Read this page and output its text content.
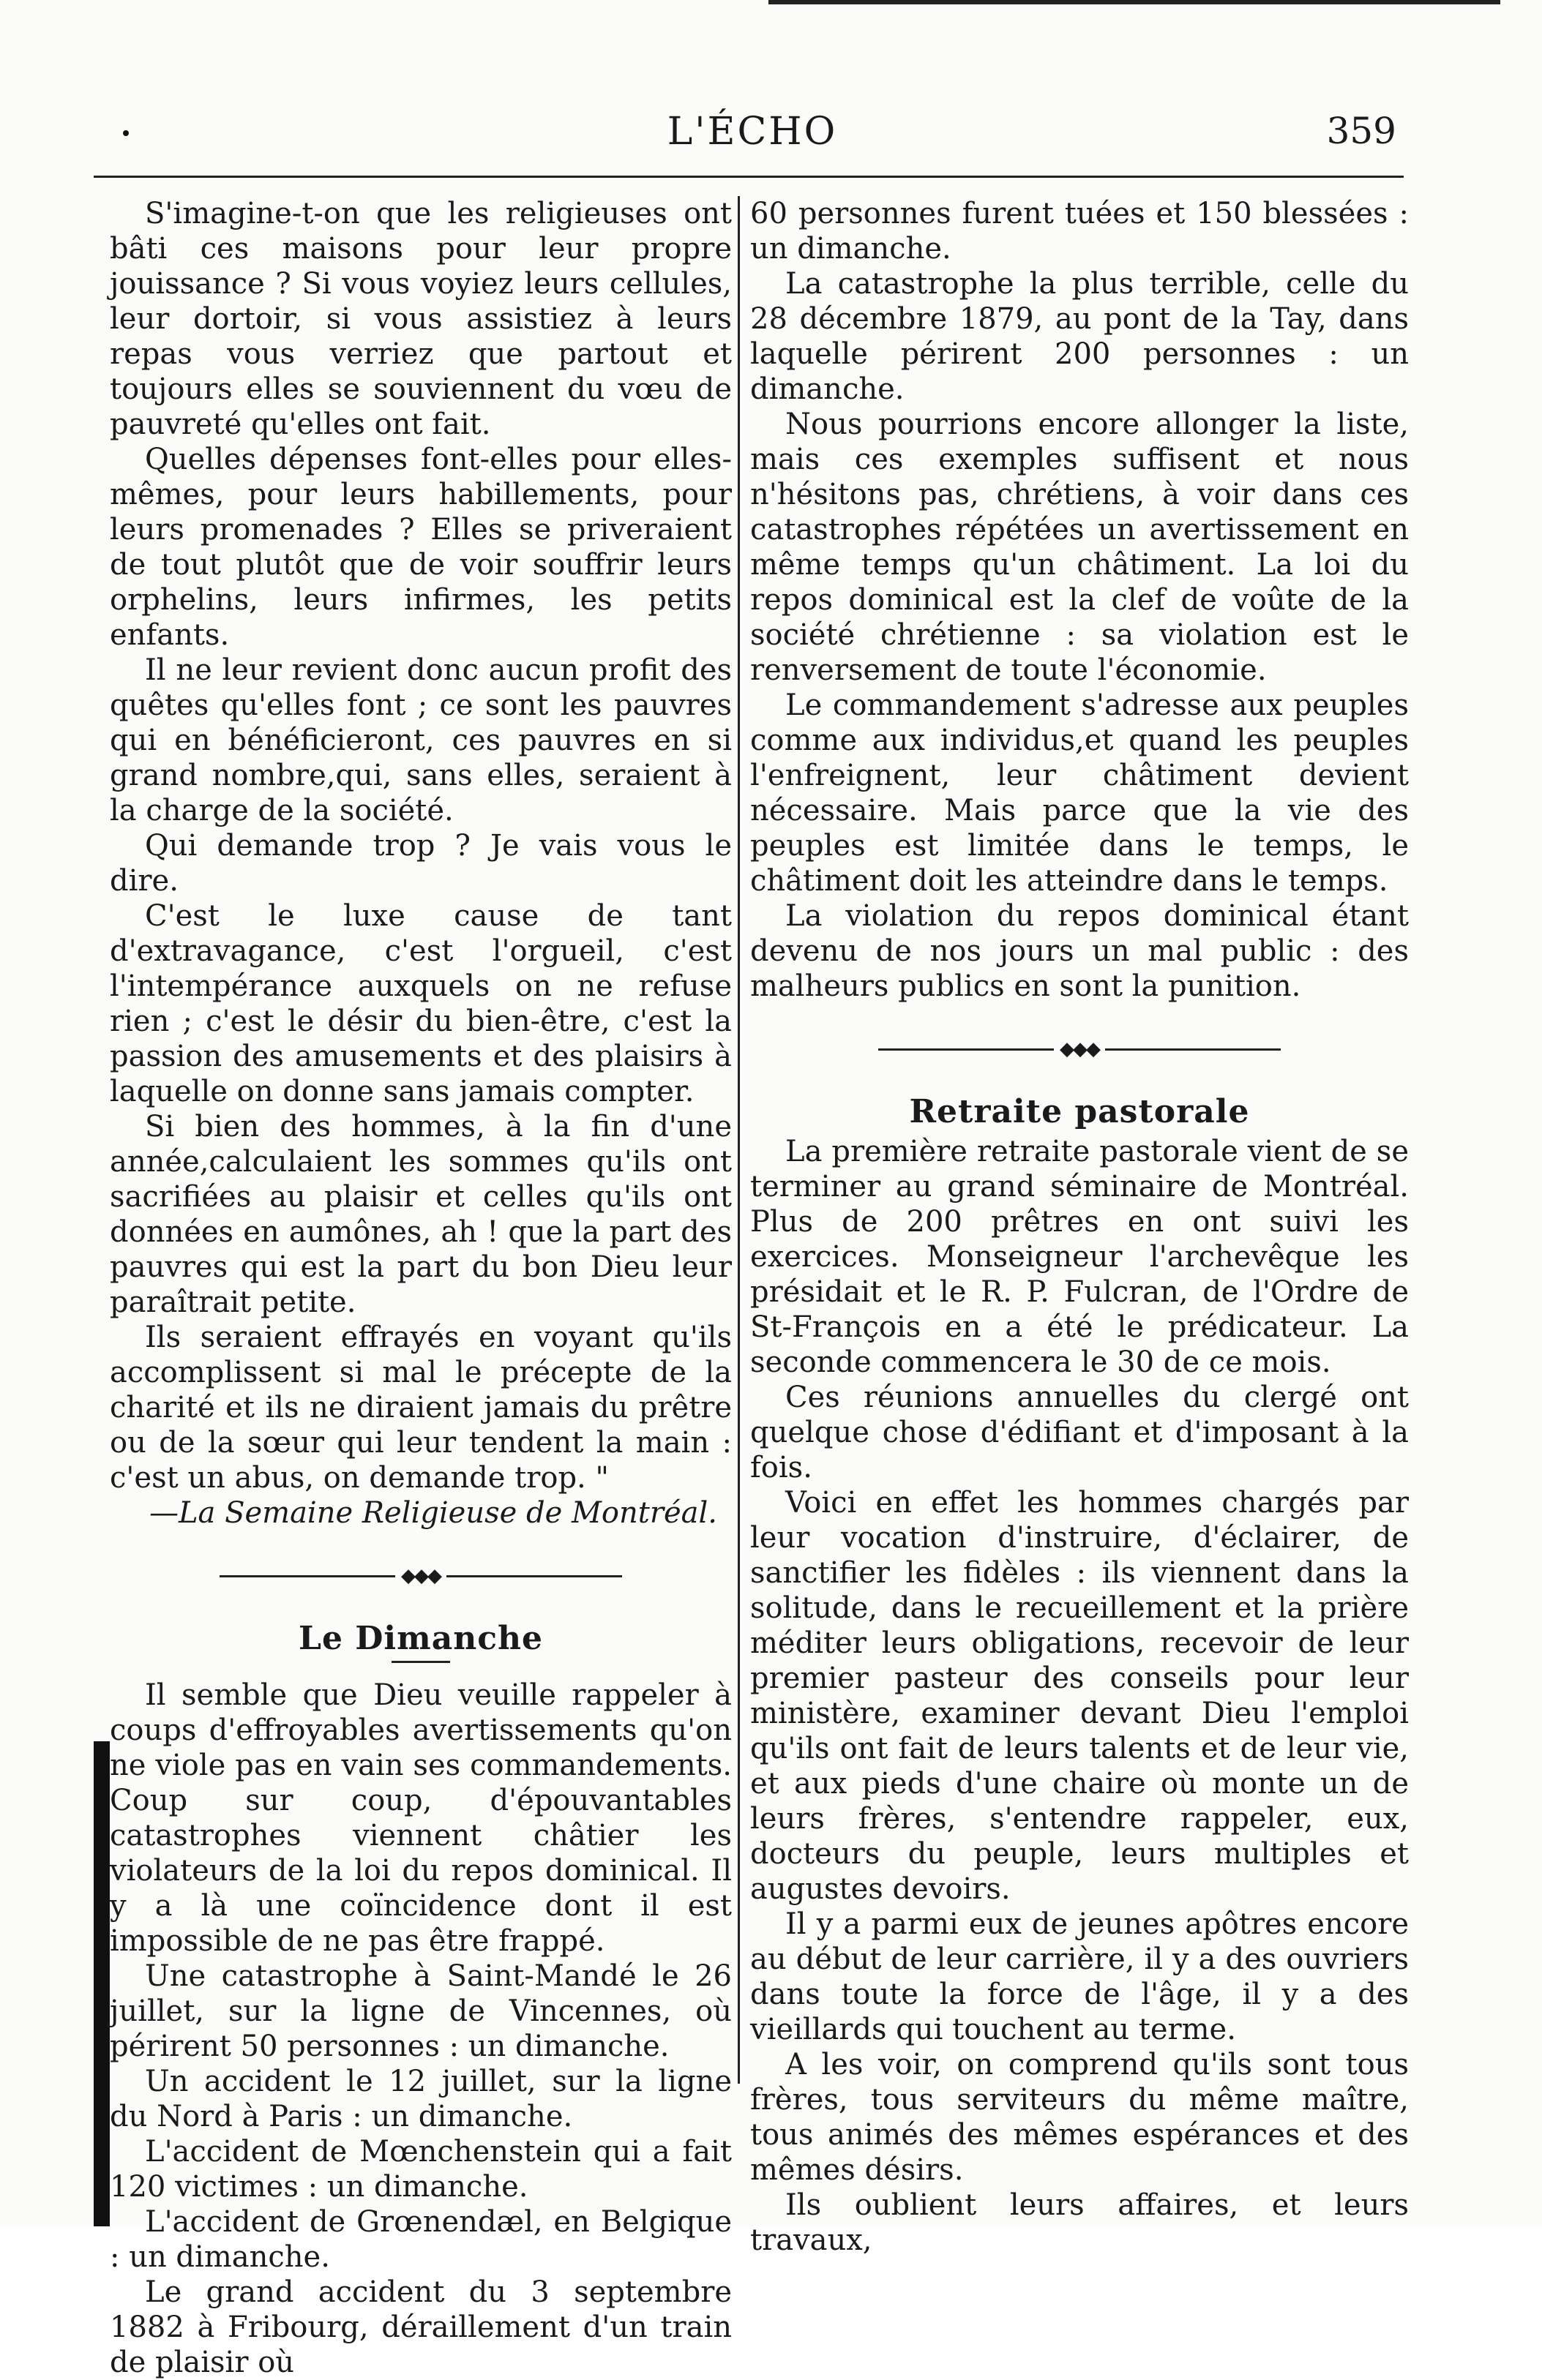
L'ÉCHO	359

S'imagine-t-on que les religieuses ont bâti ces maisons pour leur propre jouissance ? Si vous voyiez leurs cellules, leur dortoir, si vous assistiez à leurs repas vous verriez que partout et toujours elles se souviennent du vœu de pauvreté qu'elles ont fait.

Quelles dépenses font-elles pour elles-mêmes, pour leurs habillements, pour leurs promenades ? Elles se priveraient de tout plutôt que de voir souffrir leurs orphelins, leurs infirmes, les petits enfants.

Il ne leur revient donc aucun profit des quêtes qu'elles font ; ce sont les pauvres qui en bénéficieront, ces pauvres en si grand nombre,qui, sans elles, seraient à la charge de la société.

Qui demande trop ? Je vais vous le dire.

C'est le luxe cause de tant d'extravagance, c'est l'orgueil, c'est l'intempérance auxquels on ne refuse rien ; c'est le désir du bien-être, c'est la passion des amusements et des plaisirs à laquelle on donne sans jamais compter.

Si bien des hommes, à la fin d'une année,calculaient les sommes qu'ils ont sacrifiées au plaisir et celles qu'ils ont données en aumônes, ah ! que la part des pauvres qui est la part du bon Dieu leur paraîtrait petite.

Ils seraient effrayés en voyant qu'ils accomplissent si mal le précepte de la charité et ils ne diraient jamais du prêtre ou de la sœur qui leur tendent la main : c'est un abus, on demande trop. "

—La Semaine Religieuse de Montréal.

◆◆◆
Le Dimanche

Il semble que Dieu veuille rappeler à coups d'effroyables avertissements qu'on ne viole pas en vain ses commandements. Coup sur coup, d'épouvantables catastrophes viennent châtier les violateurs de la loi du repos dominical. Il y a là une coïncidence dont il est impossible de ne pas être frappé.

Une catastrophe à Saint-Mandé le 26 juillet, sur la ligne de Vincennes, où périrent 50 personnes : un dimanche.

Un accident le 12 juillet, sur la ligne du Nord à Paris : un dimanche.

L'accident de Mœnchenstein qui a fait 120 victimes : un dimanche.

L'accident de Grœnendæl, en Belgique : un dimanche.

Le grand accident du 3 septembre 1882 à Fribourg, déraillement d'un train de plaisir où

60 personnes furent tuées et 150 blessées : un dimanche.

La catastrophe la plus terrible, celle du 28 décembre 1879, au pont de la Tay, dans laquelle périrent 200 personnes : un dimanche.

Nous pourrions encore allonger la liste, mais ces exemples suffisent et nous n'hésitons pas, chrétiens, à voir dans ces catastrophes répétées un avertissement en même temps qu'un châtiment. La loi du repos dominical est la clef de voûte de la société chrétienne : sa violation est le renversement de toute l'économie.

Le commandement s'adresse aux peuples comme aux individus,et quand les peuples l'enfreignent, leur châtiment devient nécessaire. Mais parce que la vie des peuples est limitée dans le temps, le châtiment doit les atteindre dans le temps.

La violation du repos dominical étant devenu de nos jours un mal public : des malheurs publics en sont la punition.

◆◆◆
Retraite pastorale

La première retraite pastorale vient de se terminer au grand séminaire de Montréal. Plus de 200 prêtres en ont suivi les exercices. Monseigneur l'archevêque les présidait et le R. P. Fulcran, de l'Ordre de St-François en a été le prédicateur. La seconde commencera le 30 de ce mois.

Ces réunions annuelles du clergé ont quelque chose d'édifiant et d'imposant à la fois.

Voici en effet les hommes chargés par leur vocation d'instruire, d'éclairer, de sanctifier les fidèles : ils viennent dans la solitude, dans le recueillement et la prière méditer leurs obligations, recevoir de leur premier pasteur des conseils pour leur ministère, examiner devant Dieu l'emploi qu'ils ont fait de leurs talents et de leur vie, et aux pieds d'une chaire où monte un de leurs frères, s'entendre rappeler, eux, docteurs du peuple, leurs multiples et augustes devoirs.

Il y a parmi eux de jeunes apôtres encore au début de leur carrière, il y a des ouvriers dans toute la force de l'âge, il y a des vieillards qui touchent au terme.

A les voir, on comprend qu'ils sont tous frères, tous serviteurs du même maître, tous animés des mêmes espérances et des mêmes désirs.

Ils oublient leurs affaires, et leurs travaux,
